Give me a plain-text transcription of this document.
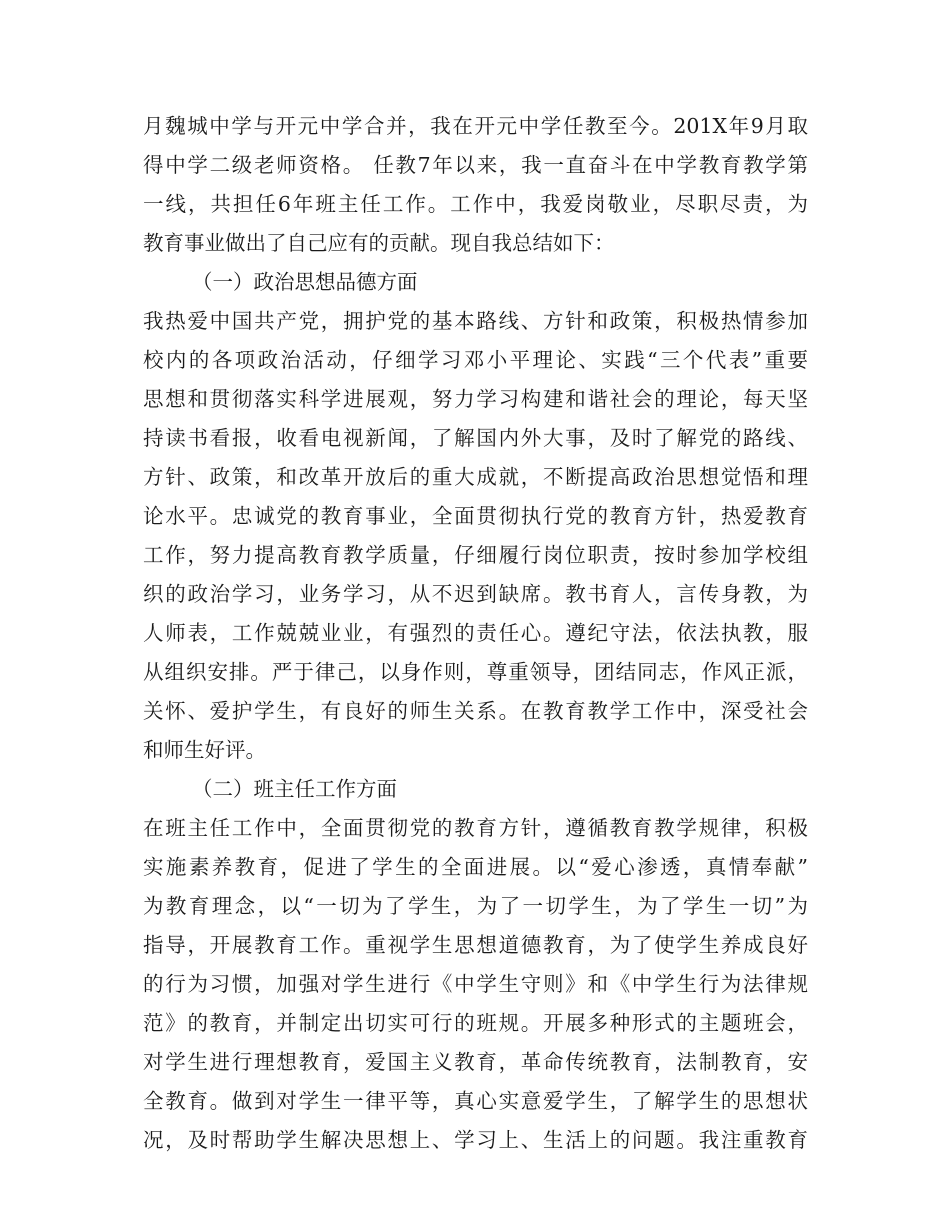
月魏城中学与开元中学合并，我在开元中学任教至今。201X年9月取
得中学二级老师资格。 任教7年以来，我一直奋斗在中学教育教学第
一线，共担任6年班主任工作。工作中，我爱岗敬业，尽职尽责，为
教育事业做出了自己应有的贡献。现自我总结如下：
（一）政治思想品德方面
我热爱中国共产党，拥护党的基本路线、方针和政策，积极热情参加
校内的各项政治活动，仔细学习邓小平理论、实践“三个代表”重要
思想和贯彻落实科学进展观，努力学习构建和谐社会的理论，每天坚
持读书看报，收看电视新闻，了解国内外大事，及时了解党的路线、
方针、政策，和改革开放后的重大成就，不断提高政治思想觉悟和理
论水平。忠诚党的教育事业，全面贯彻执行党的教育方针，热爱教育
工作，努力提高教育教学质量，仔细履行岗位职责，按时参加学校组
织的政治学习，业务学习，从不迟到缺席。教书育人，言传身教，为
人师表，工作兢兢业业，有强烈的责任心。遵纪守法，依法执教，服
从组织安排。严于律己，以身作则，尊重领导，团结同志，作风正派，
关怀、爱护学生，有良好的师生关系。在教育教学工作中，深受社会
和师生好评。
（二）班主任工作方面
在班主任工作中，全面贯彻党的教育方针，遵循教育教学规律，积极
实施素养教育，促进了学生的全面进展。以“爱心渗透，真情奉献”
为教育理念，以“一切为了学生，为了一切学生，为了学生一切”为
指导，开展教育工作。重视学生思想道德教育，为了使学生养成良好
的行为习惯，加强对学生进行《中学生守则》和《中学生行为法律规
范》的教育，并制定出切实可行的班规。开展多种形式的主题班会，
对学生进行理想教育，爱国主义教育，革命传统教育，法制教育，安
全教育。做到对学生一律平等，真心实意爱学生，了解学生的思想状
况，及时帮助学生解决思想上、学习上、生活上的问题。我注重教育
